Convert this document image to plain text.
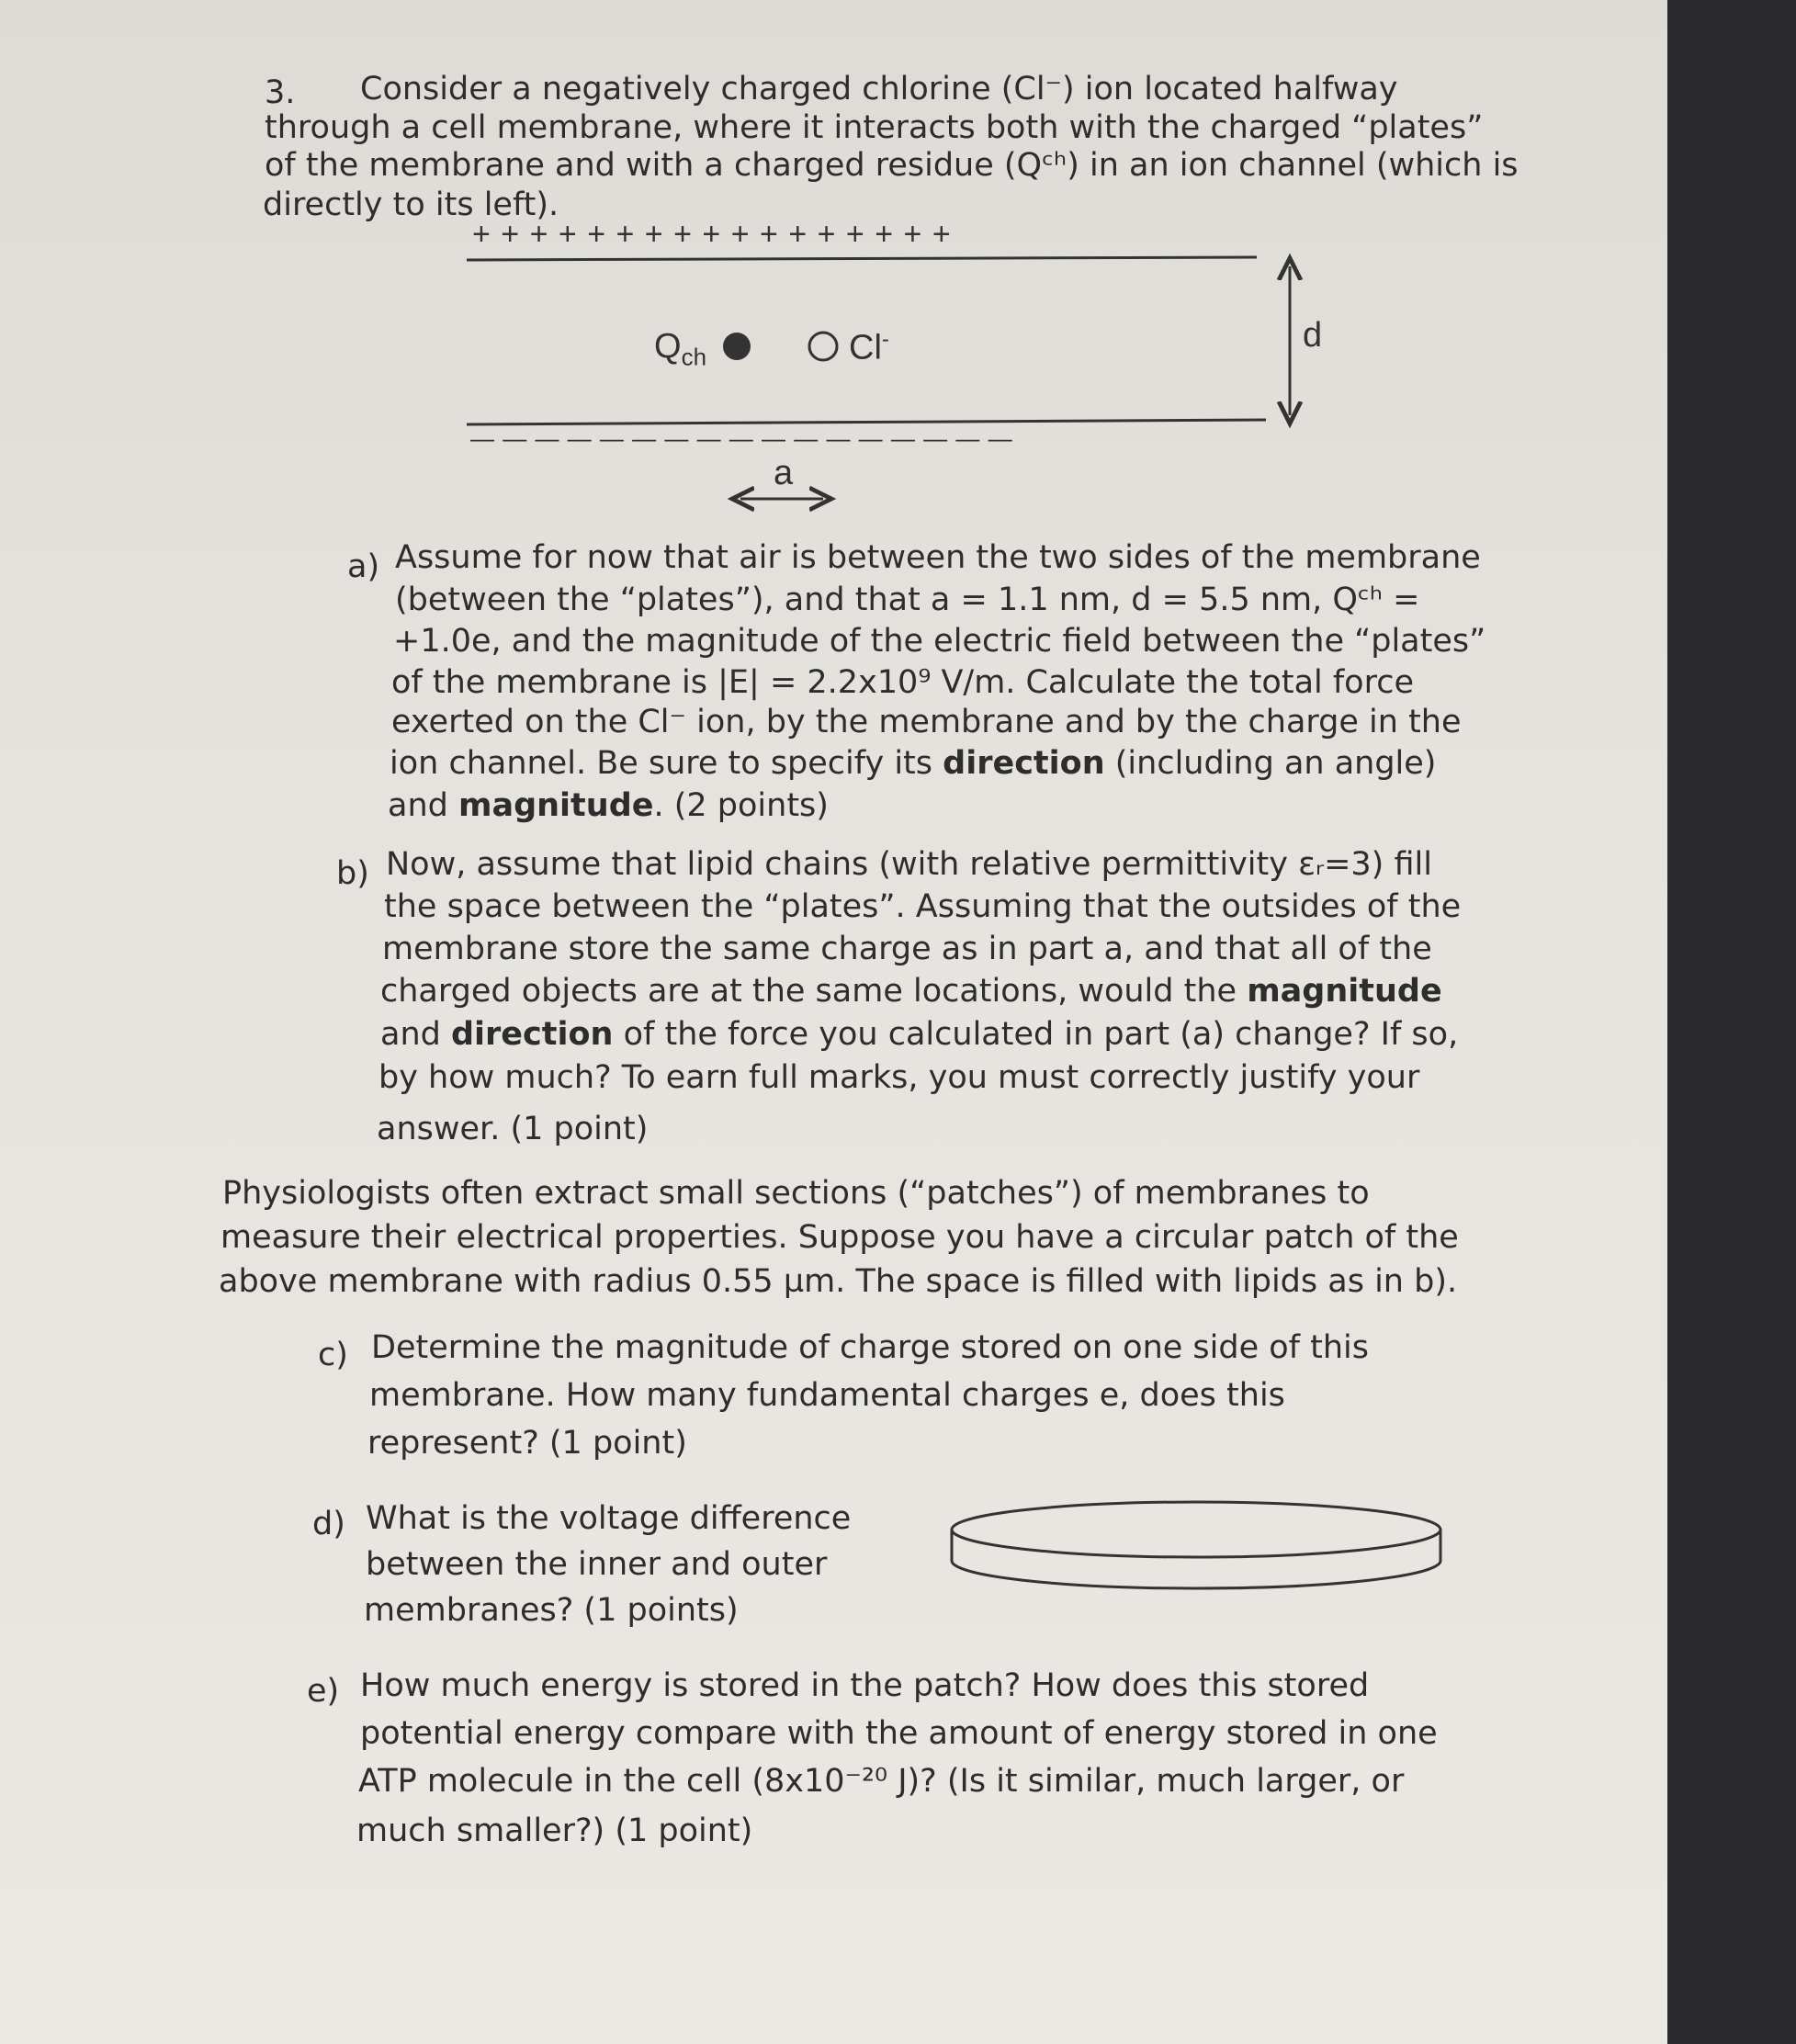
3. Consider a negatively charged chlorine (Cl⁻) ion located halfway
through a cell membrane, where it interacts both with the charged “plates”
of the membrane and with a charged residue (Qᶜʰ) in an ion channel (which is
directly to its left).
+ + + + + + + + + + + + + + + + +
— — — — — — — — — — — — — — — — —
$Q_{ch}$	Cl-	d
a
a) Assume for now that air is between the two sides of the membrane
(between the “plates”), and that a = 1.1 nm, d = 5.5 nm, Qᶜʰ =
+1.0e, and the magnitude of the electric field between the “plates”
of the membrane is |E| = 2.2x10⁹ V/m. Calculate the total force
exerted on the Cl⁻ ion, by the membrane and by the charge in the
ion channel. Be sure to specify its direction (including an angle)
and magnitude. (2 points)
b) Now, assume that lipid chains (with relative permittivity εᵣ=3) fill
the space between the “plates”. Assuming that the outsides of the
membrane store the same charge as in part a, and that all of the
charged objects are at the same locations, would the magnitude
and direction of the force you calculated in part (a) change? If so,
by how much? To earn full marks, you must correctly justify your
answer. (1 point)
Physiologists often extract small sections (“patches”) of membranes to
measure their electrical properties. Suppose you have a circular patch of the
above membrane with radius 0.55 µm. The space is filled with lipids as in b).
c) Determine the magnitude of charge stored on one side of this
membrane. How many fundamental charges e, does this
represent? (1 point)
d) What is the voltage difference
between the inner and outer
membranes? (1 points)
e) How much energy is stored in the patch? How does this stored
potential energy compare with the amount of energy stored in one
ATP molecule in the cell (8x10⁻²⁰ J)? (Is it similar, much larger, or
much smaller?) (1 point)
